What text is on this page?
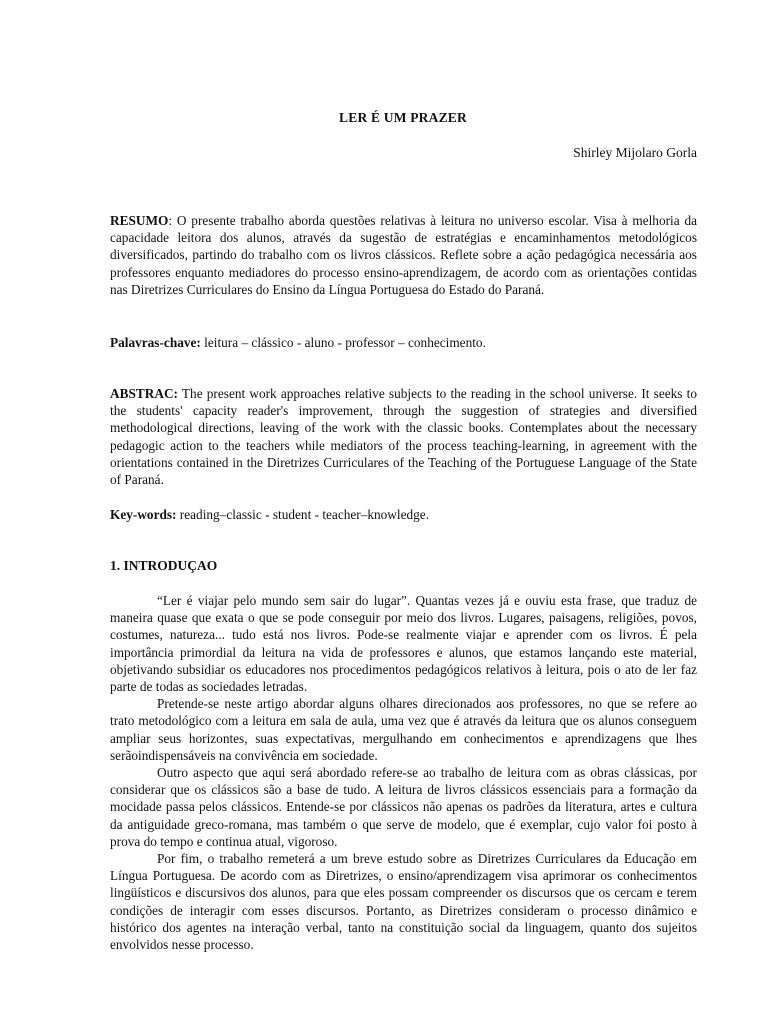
LER É UM PRAZER
Shirley Mijolaro Gorla
RESUMO: O presente trabalho aborda questões relativas à leitura no universo escolar. Visa à melhoria da capacidade leitora dos alunos, através da sugestão de estratégias e encaminhamentos metodológicos diversificados, partindo do trabalho com os livros clássicos. Reflete sobre a ação pedagógica necessária aos professores enquanto mediadores do processo ensino-aprendizagem, de acordo com as orientações contidas nas Diretrizes Curriculares do Ensino da Língua Portuguesa do Estado do Paraná.
Palavras-chave: leitura – clássico - aluno - professor – conhecimento.
ABSTRAC: The present work approaches relative subjects to the reading in the school universe. It seeks to the students' capacity reader's improvement, through the suggestion of strategies and diversified methodological directions, leaving of the work with the classic books. Contemplates about the necessary pedagogic action to the teachers while mediators of the process teaching-learning, in agreement with the orientations contained in the Diretrizes Curriculares of the Teaching of the Portuguese Language of the State of Paraná.
Key-words: reading–classic - student - teacher–knowledge.
1. INTRODUÇAO

“Ler é viajar pelo mundo sem sair do lugar”. Quantas vezes já e ouviu esta frase, que traduz de maneira quase que exata o que se pode conseguir por meio dos livros. Lugares, paisagens, religiões, povos, costumes, natureza... tudo está nos livros. Pode-se realmente viajar e aprender com os livros. É pela importância primordial da leitura na vida de professores e alunos, que estamos lançando este material, objetivando subsidiar os educadores nos procedimentos pedagógicos relativos à leitura, pois o ato de ler faz parte de todas as sociedades letradas.

Pretende-se neste artigo abordar alguns olhares direcionados aos professores, no que se refere ao trato metodológico com a leitura em sala de aula, uma vez que é através da leitura que os alunos conseguem ampliar seus horizontes, suas expectativas, mergulhando em conhecimentos e aprendizagens que lhes serãoindispensáveis na convivência em sociedade.

Outro aspecto que aqui será abordado refere-se ao trabalho de leitura com as obras clássicas, por considerar que os clássicos são a base de tudo. A leitura de livros clássicos essenciais para a formação da mocidade passa pelos clássicos. Entende-se por clássicos não apenas os padrões da literatura, artes e cultura da antiguidade greco-romana, mas também o que serve de modelo, que é exemplar, cujo valor foi posto à prova do tempo e continua atual, vigoroso.

Por fim, o trabalho remeterá a um breve estudo sobre as Diretrizes Curriculares da Educação em Língua Portuguesa. De acordo com as Diretrizes, o ensino/aprendizagem visa aprimorar os conhecimentos lingüísticos e discursivos dos alunos, para que eles possam compreender os discursos que os cercam e terem condições de interagir com esses discursos. Portanto, as Diretrizes consideram o processo dinâmico e histórico dos agentes na interação verbal, tanto na constituição social da linguagem, quanto dos sujeitos envolvidos nesse processo.
